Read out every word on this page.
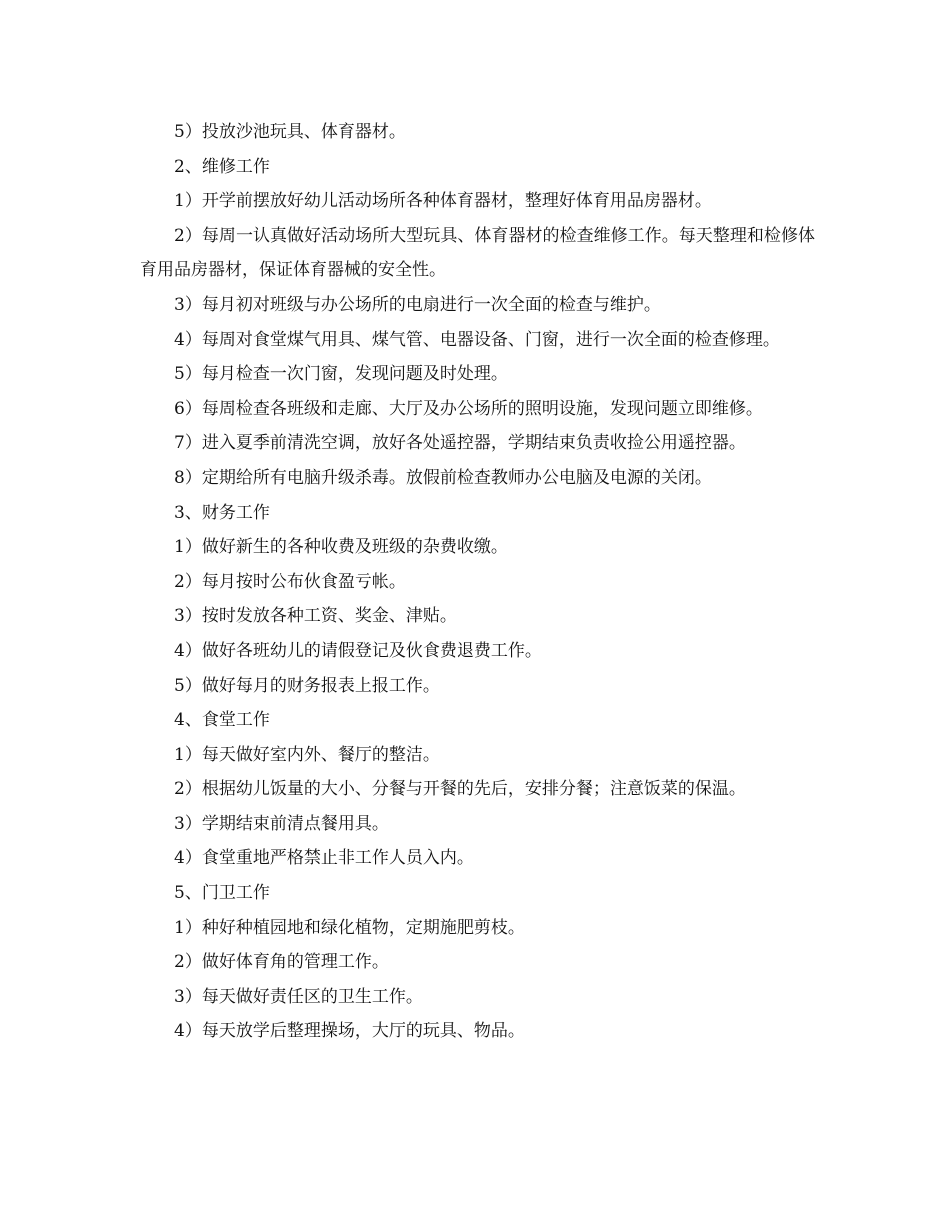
5）投放沙池玩具、体育器材。

2、维修工作

1）开学前摆放好幼儿活动场所各种体育器材，整理好体育用品房器材。

2）每周一认真做好活动场所大型玩具、体育器材的检查维修工作。每天整理和检修体育用品房器材，保证体育器械的安全性。

3）每月初对班级与办公场所的电扇进行一次全面的检查与维护。

4）每周对食堂煤气用具、煤气管、电器设备、门窗，进行一次全面的检查修理。

5）每月检查一次门窗，发现问题及时处理。

6）每周检查各班级和走廊、大厅及办公场所的照明设施，发现问题立即维修。

7）进入夏季前清洗空调，放好各处遥控器，学期结束负责收捡公用遥控器。

8）定期给所有电脑升级杀毒。放假前检查教师办公电脑及电源的关闭。

3、财务工作

1）做好新生的各种收费及班级的杂费收缴。

2）每月按时公布伙食盈亏帐。

3）按时发放各种工资、奖金、津贴。

4）做好各班幼儿的请假登记及伙食费退费工作。

5）做好每月的财务报表上报工作。

4、食堂工作

1）每天做好室内外、餐厅的整洁。

2）根据幼儿饭量的大小、分餐与开餐的先后，安排分餐；注意饭菜的保温。

3）学期结束前清点餐用具。

4）食堂重地严格禁止非工作人员入内。

5、门卫工作

1）种好种植园地和绿化植物，定期施肥剪枝。

2）做好体育角的管理工作。

3）每天做好责任区的卫生工作。

4）每天放学后整理操场，大厅的玩具、物品。
